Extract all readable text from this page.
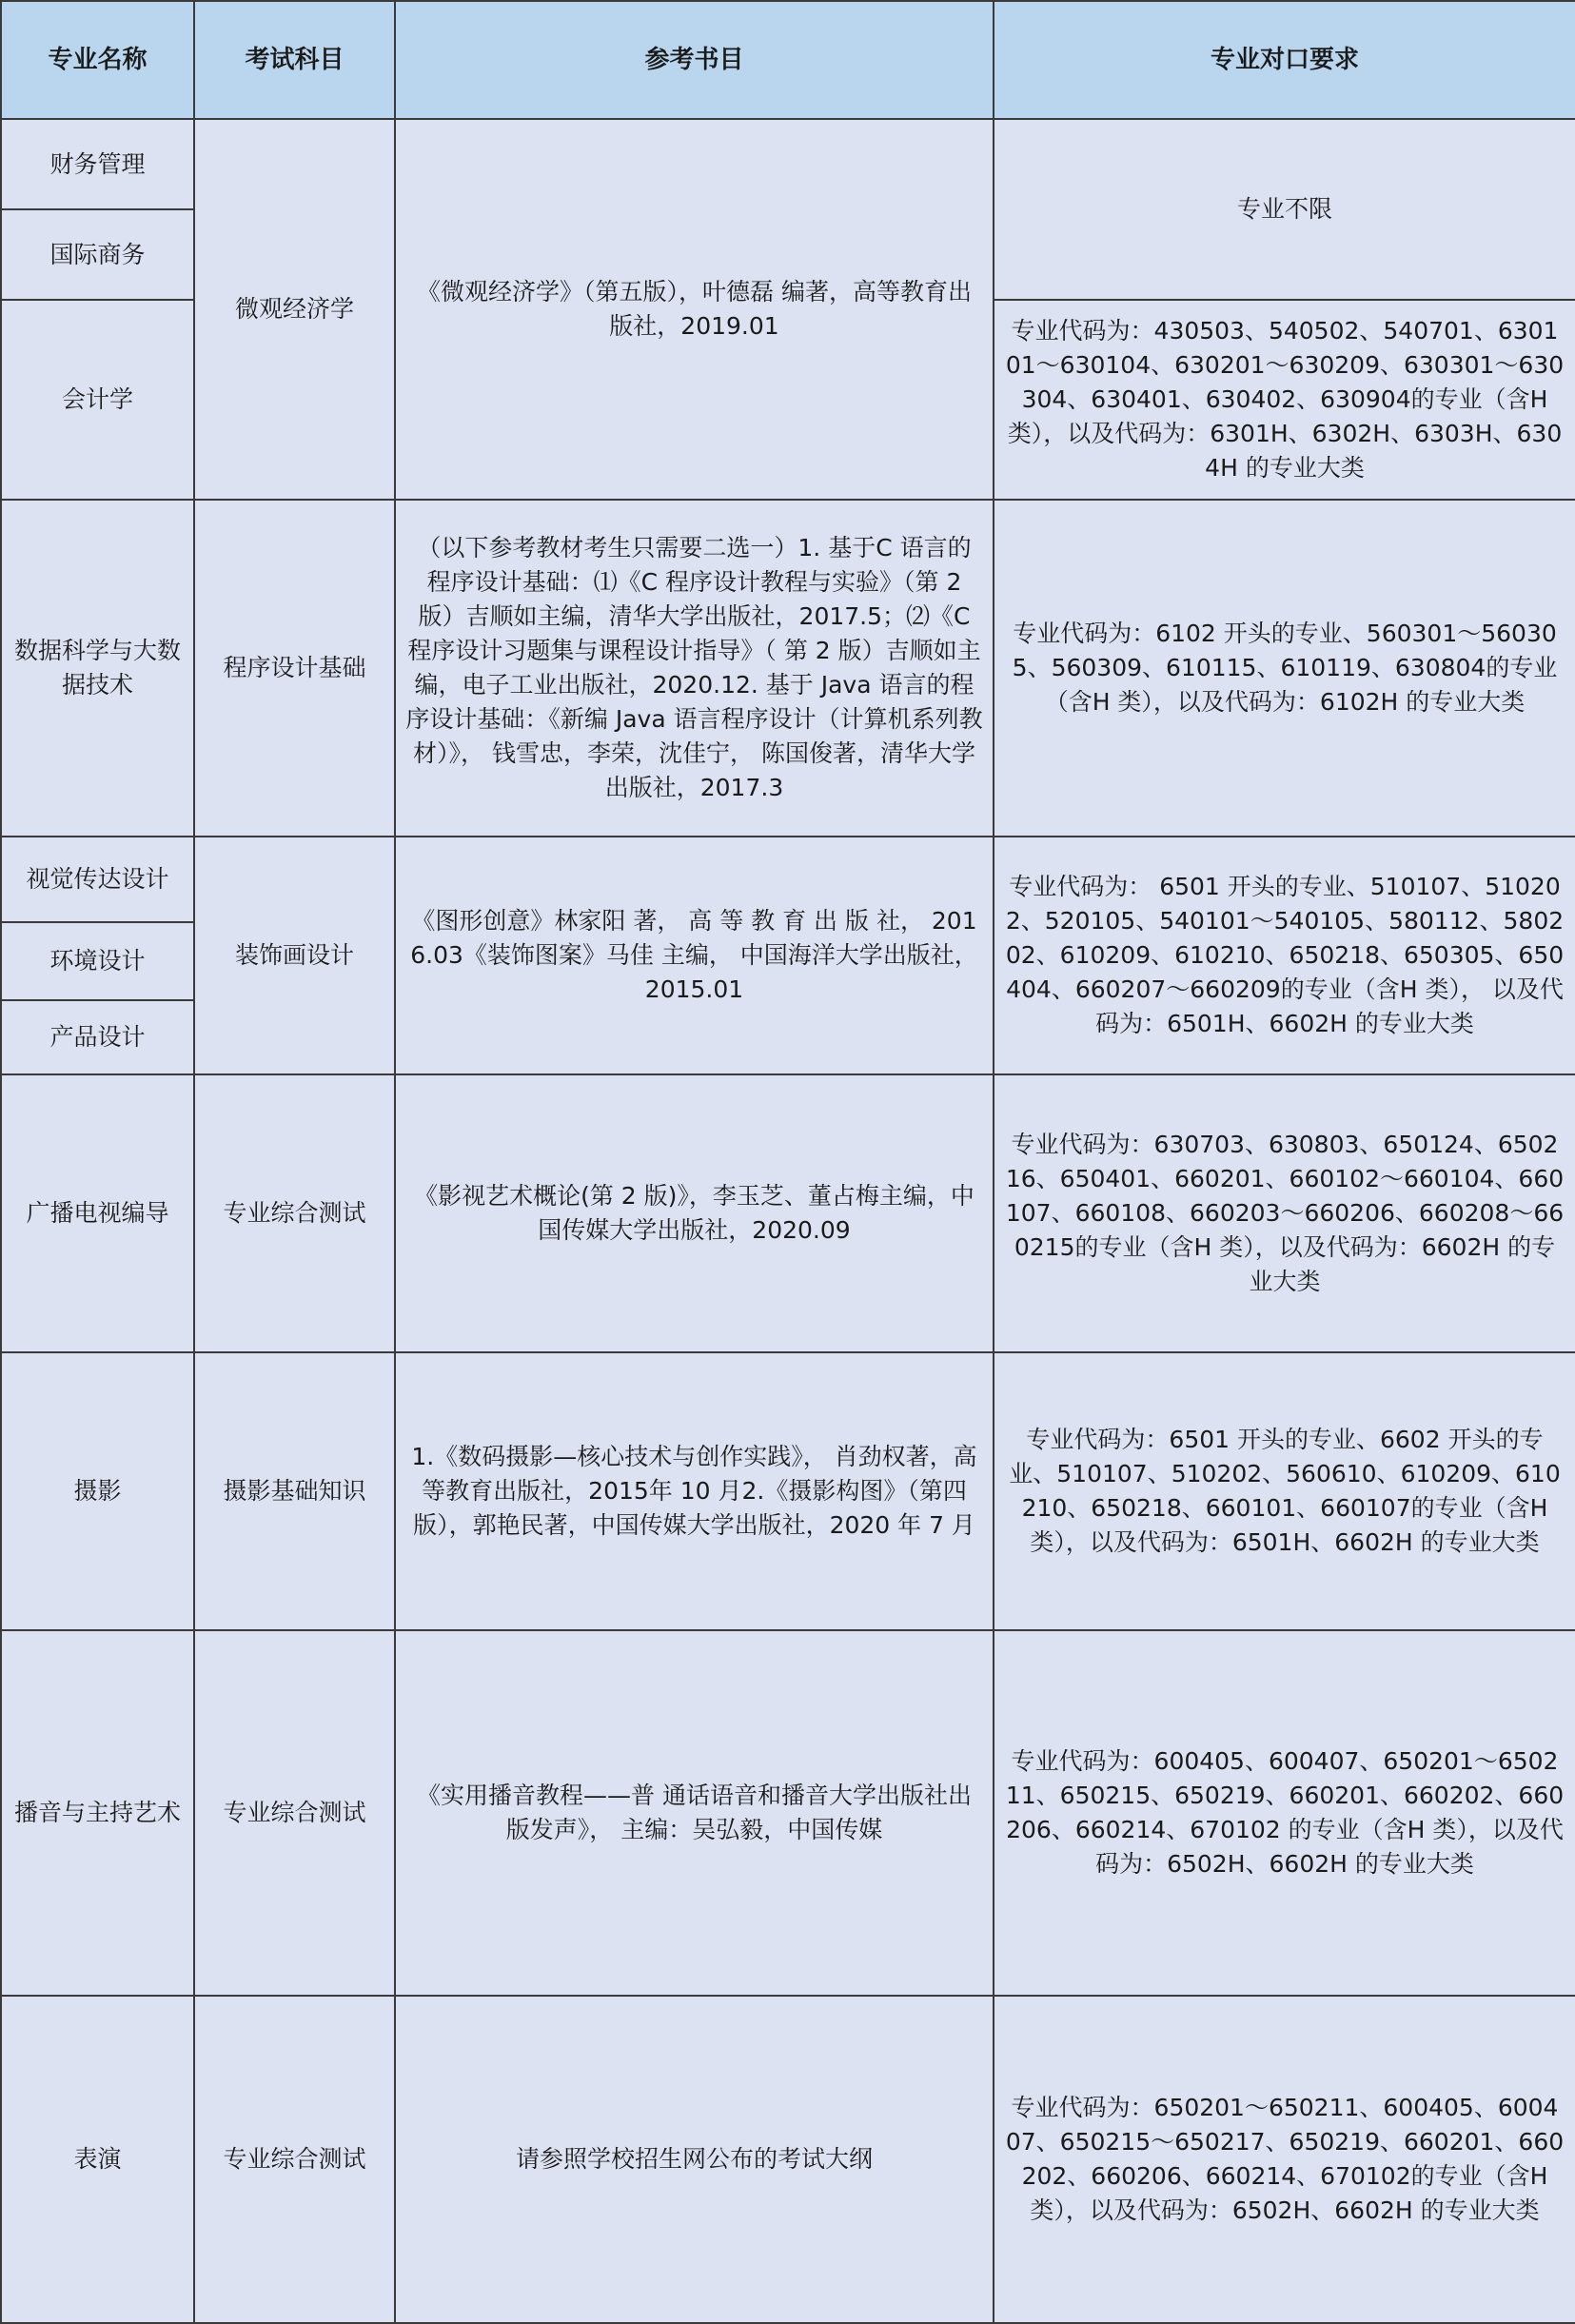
专业名称	考试科目	参考书目	专业对口要求
财务管理	微观经济学	《微观经济学》（第五版），叶德磊 编著，高等教育出版社，2019.01	专业不限
国际商务			
会计学			专业代码为：430503、540502、540701、630101～630104、630201～630209、630301～630304、630401、630402、630904的专业（含H 类），以及代码为：6301H、6302H、6303H、6304H 的专业大类
数据科学与大数据技术	程序设计基础	（以下参考教材考生只需要二选一）1. 基于C 语言的程序设计基础：⑴《C 程序设计教程与实验》（第 2 版）吉顺如主编，清华大学出版社，2017.5；⑵《C 程序设计习题集与课程设计指导》（ 第 2 版）吉顺如主编，电子工业出版社，2020.12. 基于 Java 语言的程序设计基础：《新编 Java 语言程序设计（计算机系列教材）》， 钱雪忠，李荣，沈佳宁， 陈国俊著，清华大学出版社，2017.3	专业代码为：6102 开头的专业、560301～560305、560309、610115、610119、630804的专业（含H 类），以及代码为：6102H 的专业大类
视觉传达设计	装饰画设计	《图形创意》林家阳 著， 高 等 教 育 出 版 社， 2016.03《装饰图案》马佳 主编， 中国海洋大学出版社， 2015.01	专业代码为： 6501 开头的专业、510107、510202、520105、540101～540105、580112、580202、610209、610210、650218、650305、650404、660207～660209的专业（含H 类）， 以及代码为：6501H、6602H 的专业大类
环境设计			
产品设计			
广播电视编导	专业综合测试	《影视艺术概论(第 2 版)》，李玉芝、董占梅主编，中国传媒大学出版社，2020.09	专业代码为：630703、630803、650124、650216、650401、660201、660102～660104、660107、660108、660203～660206、660208～660215的专业（含H 类），以及代码为：6602H 的专业大类
摄影	摄影基础知识	1.《数码摄影—核心技术与创作实践》， 肖劲权著，高等教育出版社，2015年 10 月2.《摄影构图》（第四版），郭艳民著，中国传媒大学出版社，2020 年 7 月	专业代码为：6501 开头的专业、6602 开头的专业、510107、510202、560610、610209、610210、650218、660101、660107的专业（含H 类），以及代码为：6501H、6602H 的专业大类
播音与主持艺术	专业综合测试	《实用播音教程——普 通话语音和播音大学出版社出版发声》， 主编：吴弘毅，中国传媒	专业代码为：600405、600407、650201～650211、650215、650219、660201、660202、660206、660214、670102 的专业（含H 类），以及代码为：6502H、6602H 的专业大类
表演	专业综合测试	请参照学校招生网公布的考试大纲	专业代码为：650201～650211、600405、600407、650215～650217、650219、660201、660202、660206、660214、670102的专业（含H 类），以及代码为：6502H、6602H 的专业大类
